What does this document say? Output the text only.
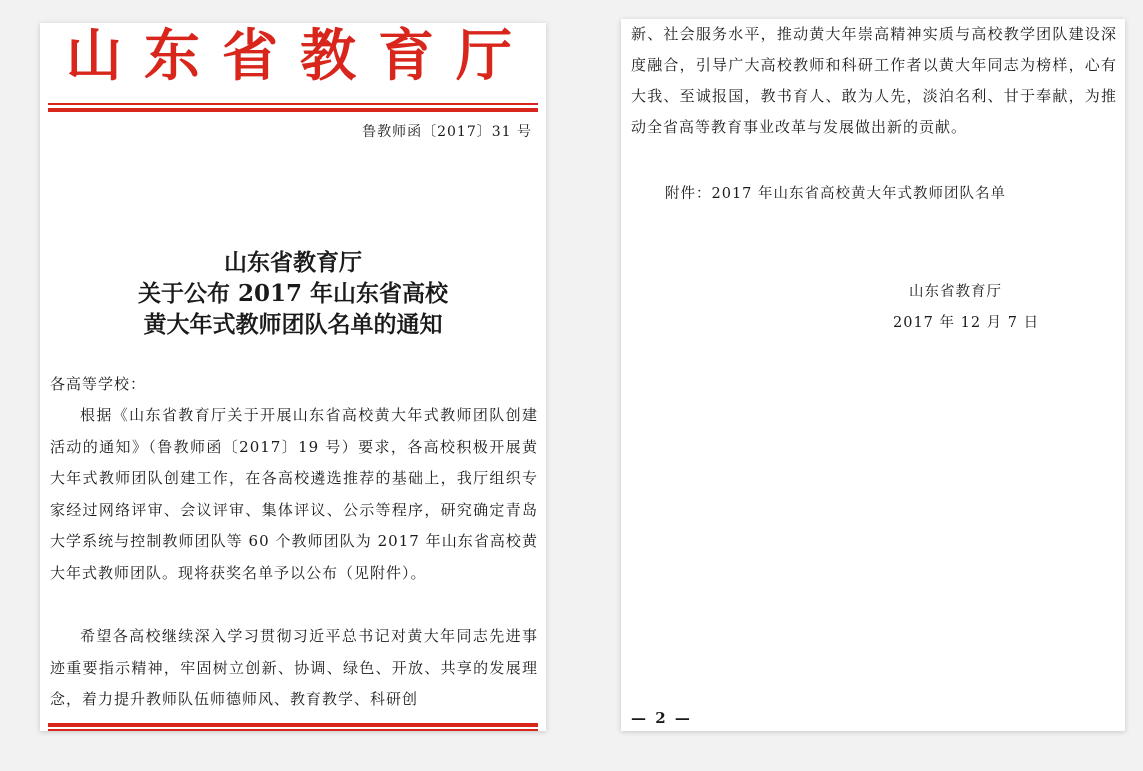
山东省教育厅
鲁教师函〔2017〕31 号
山东省教育厅
关于公布 2017 年山东省高校
黄大年式教师团队名单的通知
各高等学校：
根据《山东省教育厅关于开展山东省高校黄大年式教师团队创建活动的通知》（鲁教师函〔2017〕19 号）要求，各高校积极开展黄大年式教师团队创建工作，在各高校遴选推荐的基础上，我厅组织专家经过网络评审、会议评审、集体评议、公示等程序，研究确定青岛大学系统与控制教师团队等 60 个教师团队为 2017 年山东省高校黄大年式教师团队。现将获奖名单予以公布（见附件）。
希望各高校继续深入学习贯彻习近平总书记对黄大年同志先进事迹重要指示精神，牢固树立创新、协调、绿色、开放、共享的发展理念，着力提升教师队伍师德师风、教育教学、科研创
新、社会服务水平，推动黄大年崇高精神实质与高校教学团队建设深度融合，引导广大高校教师和科研工作者以黄大年同志为榜样，心有大我、至诚报国，教书育人、敢为人先，淡泊名利、甘于奉献，为推动全省高等教育事业改革与发展做出新的贡献。
附件：2017 年山东省高校黄大年式教师团队名单
山东省教育厅
2017 年 12 月 7 日
— 2 —
